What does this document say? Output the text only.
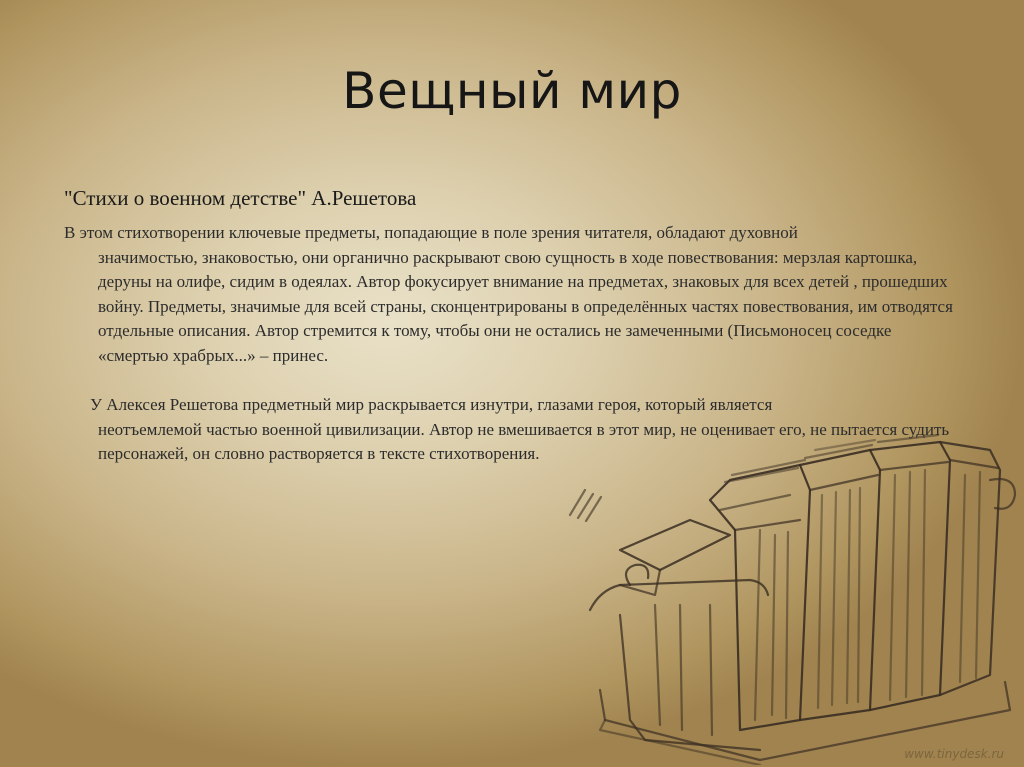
Вещный мир

"Стихи о военном детстве" А.Решетова

В этом стихотворении ключевые предметы, попадающие в поле зрения читателя, обладают духовной
значимостью, знаковостью, они органично раскрывают свою сущность в ходе повествования: мерзлая картошка, деруны на олифе, сидим в одеялах. Автор фокусирует внимание на предметах, знаковых для всех детей , прошедших войну. Предметы, значимые для всей страны, сконцентрированы в определённых частях повествования, им отводятся отдельные описания. Автор стремится к тому, чтобы они не остались не замеченными (Письмоносец соседке «смертью храбрых...» – принес.

У Алексея Решетова предметный мир раскрывается изнутри, глазами героя, который является
неотъемлемой частью военной цивилизации. Автор не вмешивается в этот мир, не оценивает его, не пытается судить персонажей, он словно растворяется в тексте стихотворения.

www.tinydesk.ru
